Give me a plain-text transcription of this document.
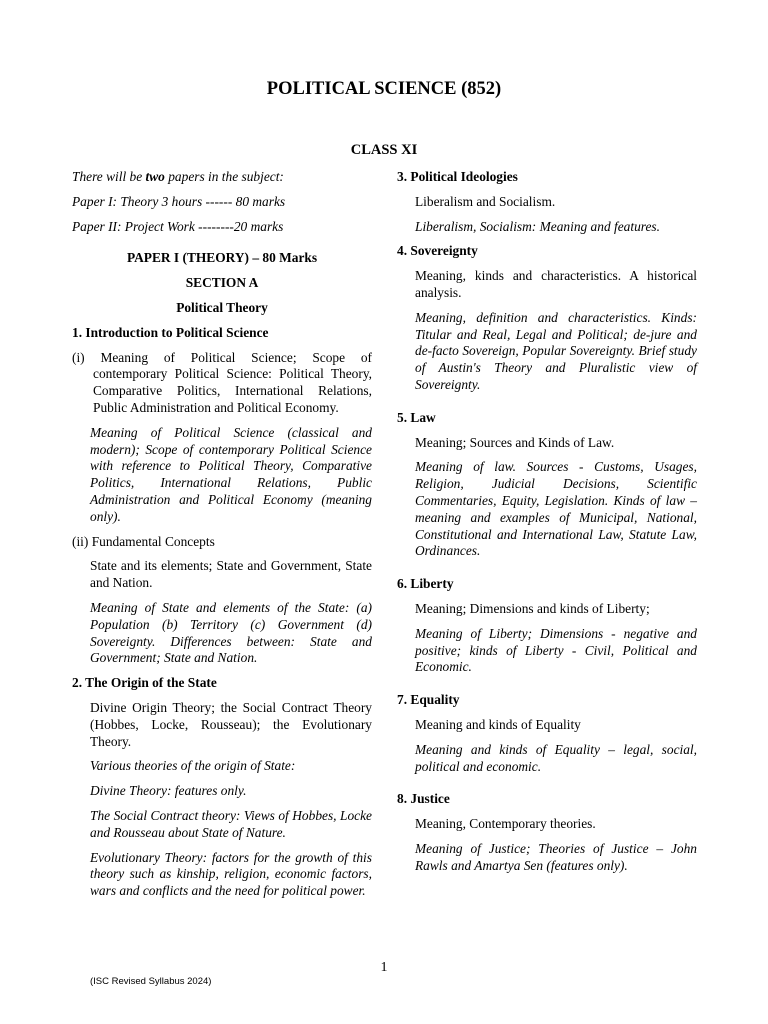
POLITICAL SCIENCE (852)
CLASS XI

There will be two papers in the subject:

Paper I: Theory 3 hours ------ 80 marks

Paper II: Project Work --------20 marks

PAPER I (THEORY) – 80 Marks

SECTION A

Political Theory

1. Introduction to Political Science

(i) Meaning of Political Science; Scope of contemporary Political Science: Political Theory, Comparative Politics, International Relations, Public Administration and Political Economy.

Meaning of Political Science (classical and modern); Scope of contemporary Political Science with reference to Political Theory, Comparative Politics, International Relations, Public Administration and Political Economy (meaning only).

(ii) Fundamental Concepts

State and its elements; State and Government, State and Nation.

Meaning of State and elements of the State: (a) Population (b) Territory (c) Government (d) Sovereignty. Differences between: State and Government; State and Nation.

2. The Origin of the State

Divine Origin Theory; the Social Contract Theory (Hobbes, Locke, Rousseau); the Evolutionary Theory.

Various theories of the origin of State:

Divine Theory: features only.

The Social Contract theory: Views of Hobbes, Locke and Rousseau about State of Nature.

Evolutionary Theory: factors for the growth of this theory such as kinship, religion, economic factors, wars and conflicts and the need for political power.

3. Political Ideologies

Liberalism and Socialism.

Liberalism, Socialism: Meaning and features.

4. Sovereignty

Meaning, kinds and characteristics. A historical analysis.

Meaning, definition and characteristics. Kinds: Titular and Real, Legal and Political; de-jure and de-facto Sovereign, Popular Sovereignty. Brief study of Austin's Theory and Pluralistic view of Sovereignty.

5. Law

Meaning; Sources and Kinds of Law.

Meaning of law. Sources - Customs, Usages, Religion, Judicial Decisions, Scientific Commentaries, Equity, Legislation. Kinds of law – meaning and examples of Municipal, National, Constitutional and International Law, Statute Law, Ordinances.

6. Liberty

Meaning; Dimensions and kinds of Liberty;

Meaning of Liberty; Dimensions - negative and positive; kinds of Liberty - Civil, Political and Economic.

7. Equality

Meaning and kinds of Equality

Meaning and kinds of Equality – legal, social, political and economic.

8. Justice

Meaning, Contemporary theories.

Meaning of Justice; Theories of Justice – John Rawls and Amartya Sen (features only).

1
(ISC Revised Syllabus 2024)
